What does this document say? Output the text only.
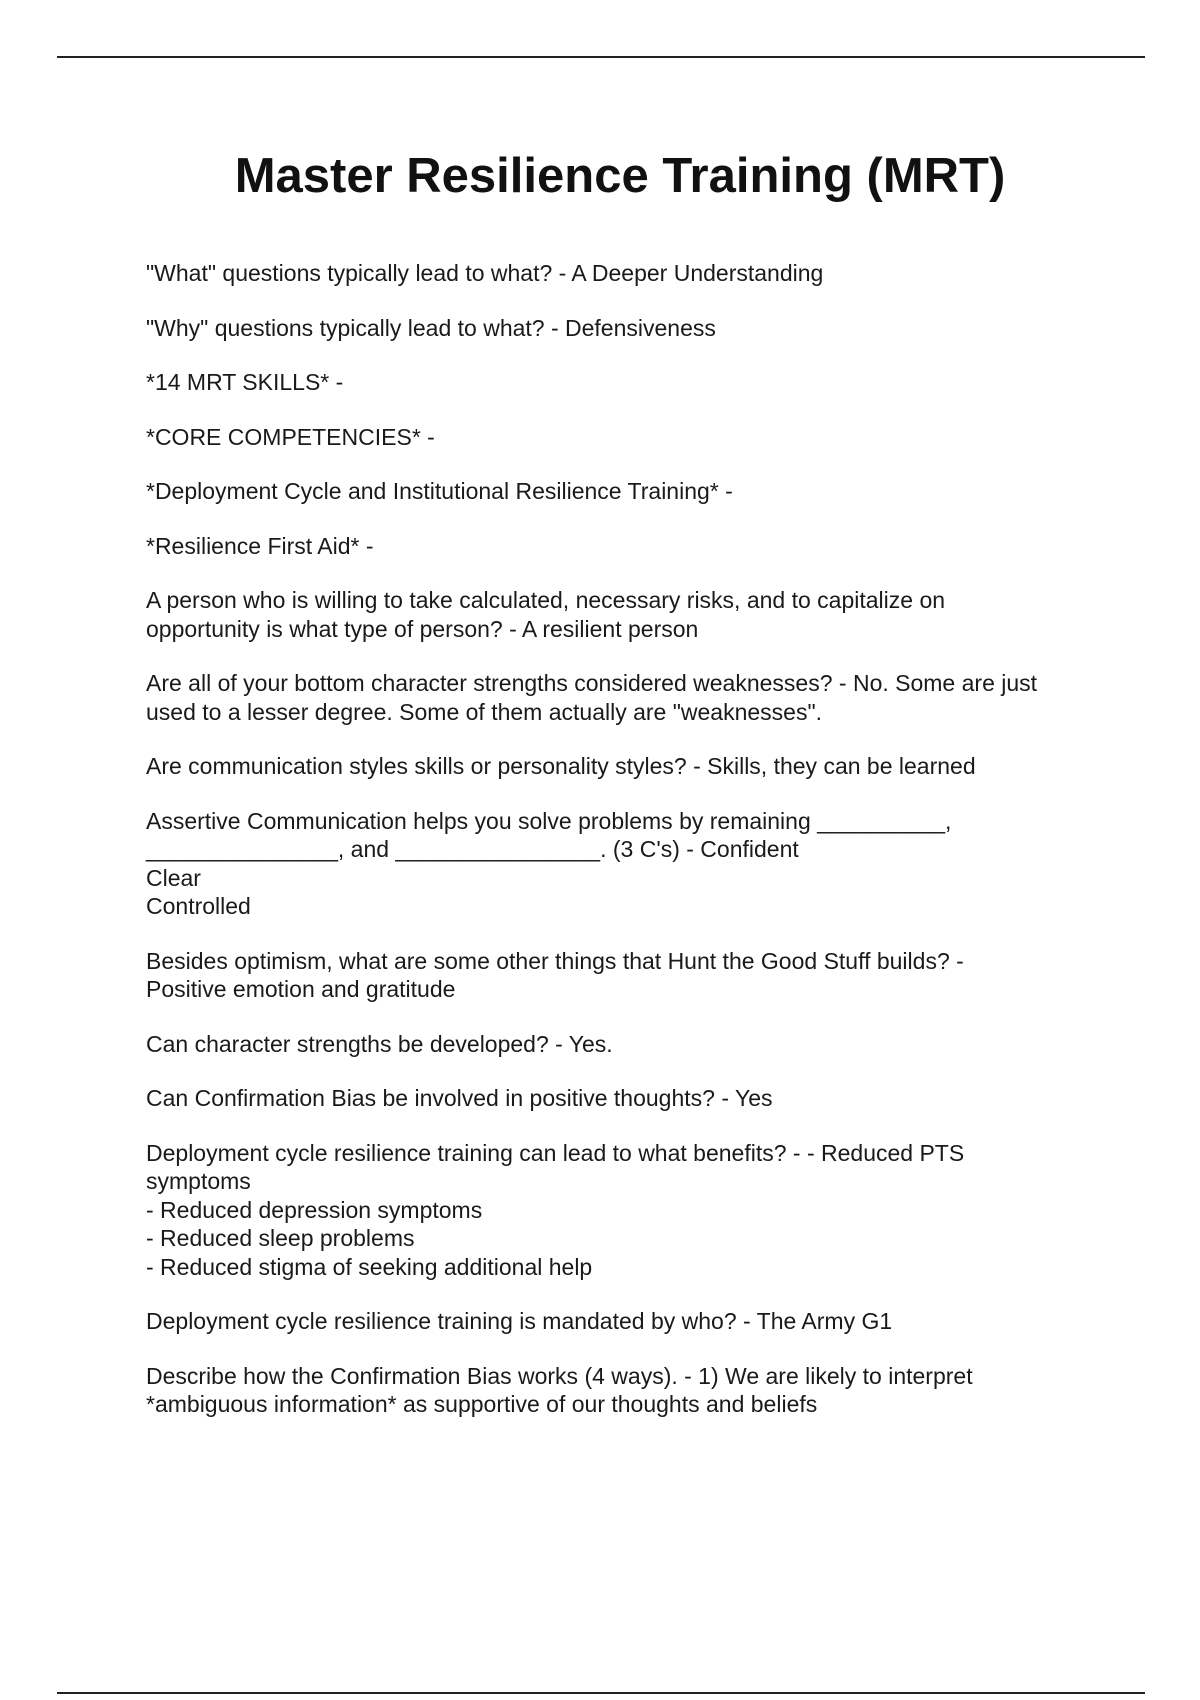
Master Resilience Training (MRT)

"What" questions typically lead to what? - A Deeper Understanding

"Why" questions typically lead to what? - Defensiveness

*14 MRT SKILLS* -

*CORE COMPETENCIES* -

*Deployment Cycle and Institutional Resilience Training* -

*Resilience First Aid* -

A person who is willing to take calculated, necessary risks, and to capitalize on
opportunity is what type of person? - A resilient person

Are all of your bottom character strengths considered weaknesses? - No. Some are just
used to a lesser degree. Some of them actually are "weaknesses".

Are communication styles skills or personality styles? - Skills, they can be learned

Assertive Communication helps you solve problems by remaining __________,
_______________, and ________________. (3 C's) - Confident
Clear
Controlled

Besides optimism, what are some other things that Hunt the Good Stuff builds? -
Positive emotion and gratitude

Can character strengths be developed? - Yes.

Can Confirmation Bias be involved in positive thoughts? - Yes

Deployment cycle resilience training can lead to what benefits? - - Reduced PTS
symptoms
- Reduced depression symptoms
- Reduced sleep problems
- Reduced stigma of seeking additional help

Deployment cycle resilience training is mandated by who? - The Army G1

Describe how the Confirmation Bias works (4 ways). - 1) We are likely to interpret
*ambiguous information* as supportive of our thoughts and beliefs
